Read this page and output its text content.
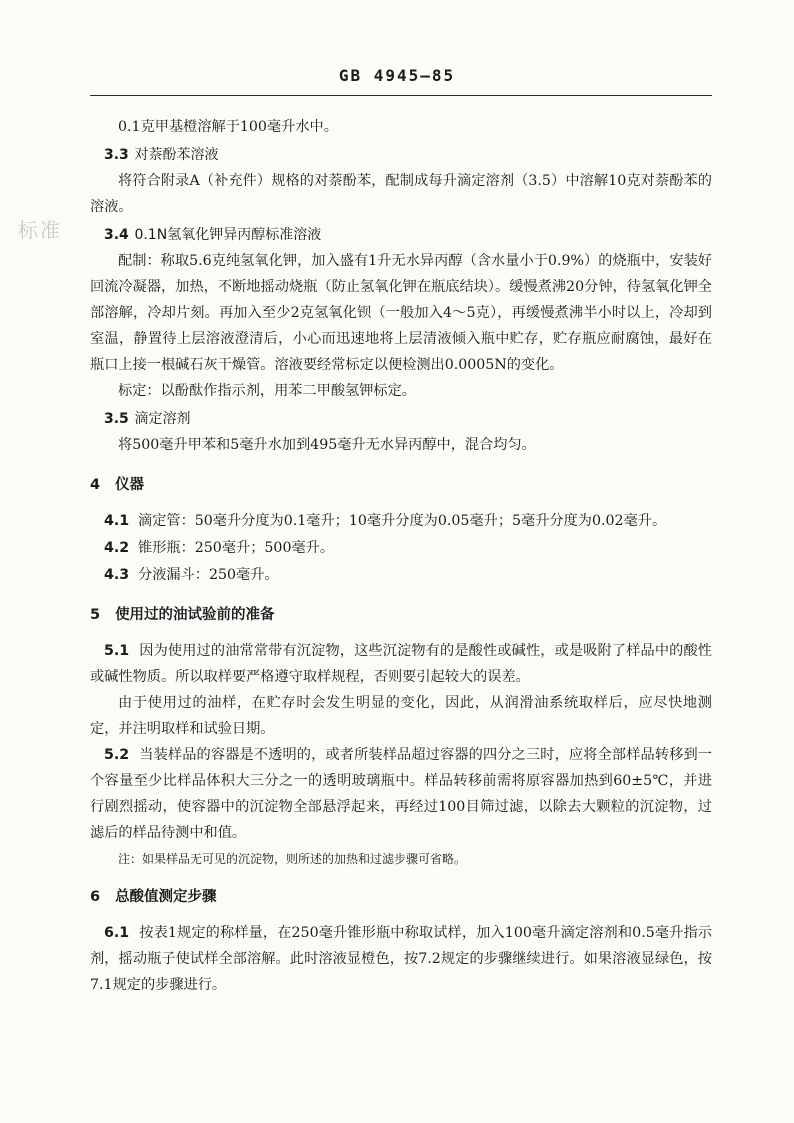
GB 4945—85
标准

0.1克甲基橙溶解于100毫升水中。

3.3 对萘酚苯溶液

将符合附录A（补充件）规格的对萘酚苯，配制成每升滴定溶剂（3.5）中溶解10克对萘酚苯的溶液。

3.4 0.1N氢氧化钾异丙醇标准溶液

配制：称取5.6克纯氢氧化钾，加入盛有1升无水异丙醇（含水量小于0.9%）的烧瓶中，安装好回流冷凝器，加热，不断地摇动烧瓶（防止氢氧化钾在瓶底结块）。缓慢煮沸20分钟，待氢氧化钾全部溶解，冷却片刻。再加入至少2克氢氧化钡（一般加入4～5克），再缓慢煮沸半小时以上，冷却到室温，静置待上层溶液澄清后，小心而迅速地将上层清液倾入瓶中贮存，贮存瓶应耐腐蚀，最好在瓶口上接一根碱石灰干燥管。溶液要经常标定以便检测出0.0005N的变化。

标定：以酚酞作指示剂，用苯二甲酸氢钾标定。

3.5 滴定溶剂

将500毫升甲苯和5毫升水加到495毫升无水异丙醇中，混合均匀。

4 仪器

4.1 滴定管：50毫升分度为0.1毫升；10毫升分度为0.05毫升；5毫升分度为0.02毫升。

4.2 锥形瓶：250毫升；500毫升。

4.3 分液漏斗：250毫升。

5 使用过的油试验前的准备

5.1 因为使用过的油常常带有沉淀物，这些沉淀物有的是酸性或碱性，或是吸附了样品中的酸性或碱性物质。所以取样要严格遵守取样规程，否则要引起较大的误差。

由于使用过的油样，在贮存时会发生明显的变化，因此，从润滑油系统取样后，应尽快地测定，并注明取样和试验日期。

5.2 当装样品的容器是不透明的，或者所装样品超过容器的四分之三时，应将全部样品转移到一个容量至少比样品体积大三分之一的透明玻璃瓶中。样品转移前需将原容器加热到60±5℃，并进行剧烈摇动，使容器中的沉淀物全部悬浮起来，再经过100目筛过滤，以除去大颗粒的沉淀物，过滤后的样品待测中和值。

注：如果样品无可见的沉淀物，则所述的加热和过滤步骤可省略。

6 总酸值测定步骤

6.1 按表1规定的称样量，在250毫升锥形瓶中称取试样，加入100毫升滴定溶剂和0.5毫升指示剂，摇动瓶子使试样全部溶解。此时溶液显橙色，按7.2规定的步骤继续进行。如果溶液显绿色，按7.1规定的步骤进行。
